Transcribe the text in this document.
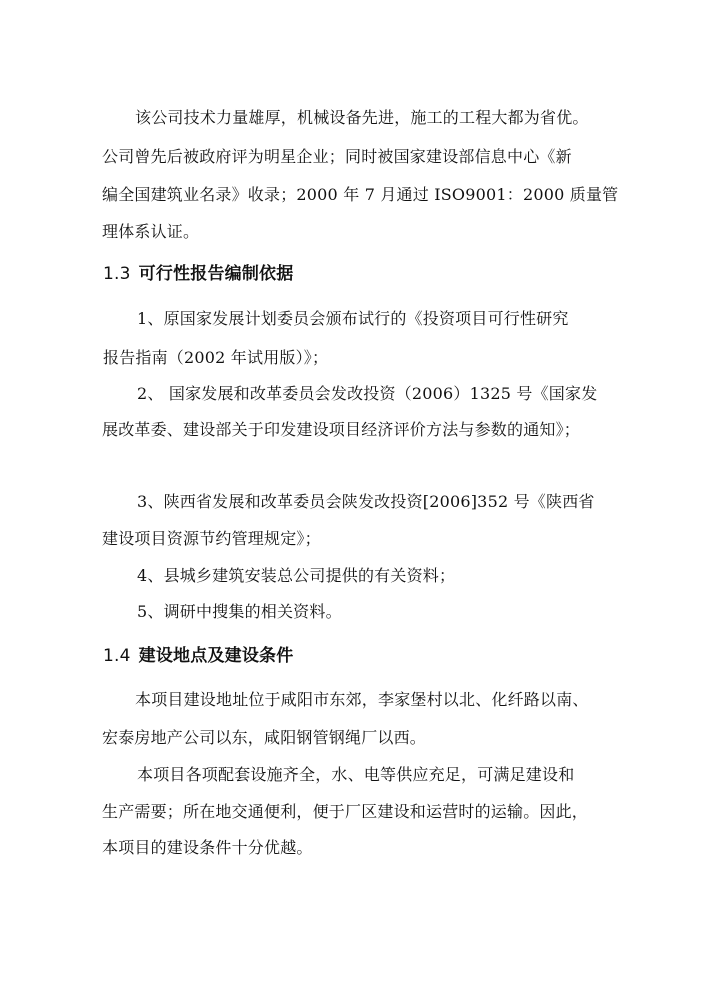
该公司技术力量雄厚，机械设备先进，施工的工程大都为省优。
公司曾先后被政府评为明星企业；同时被国家建设部信息中心《新
编全国建筑业名录》收录；2000 年 7 月通过 ISO9001：2000 质量管
理体系认证。
1.3 可行性报告编制依据
1、原国家发展计划委员会颁布试行的《投资项目可行性研究
报告指南（2002 年试用版）》；
2、 国家发展和改革委员会发改投资（2006）1325 号《国家发
展改革委、建设部关于印发建设项目经济评价方法与参数的通知》；
3、陕西省发展和改革委员会陕发改投资[2006]352 号《陕西省
建设项目资源节约管理规定》；
4、县城乡建筑安装总公司提供的有关资料；
5、调研中搜集的相关资料。
1.4 建设地点及建设条件
本项目建设地址位于咸阳市东郊，李家堡村以北、化纤路以南、
宏泰房地产公司以东，咸阳钢管钢绳厂以西。
本项目各项配套设施齐全，水、电等供应充足，可满足建设和
生产需要；所在地交通便利，便于厂区建设和运营时的运输。因此，
本项目的建设条件十分优越。
